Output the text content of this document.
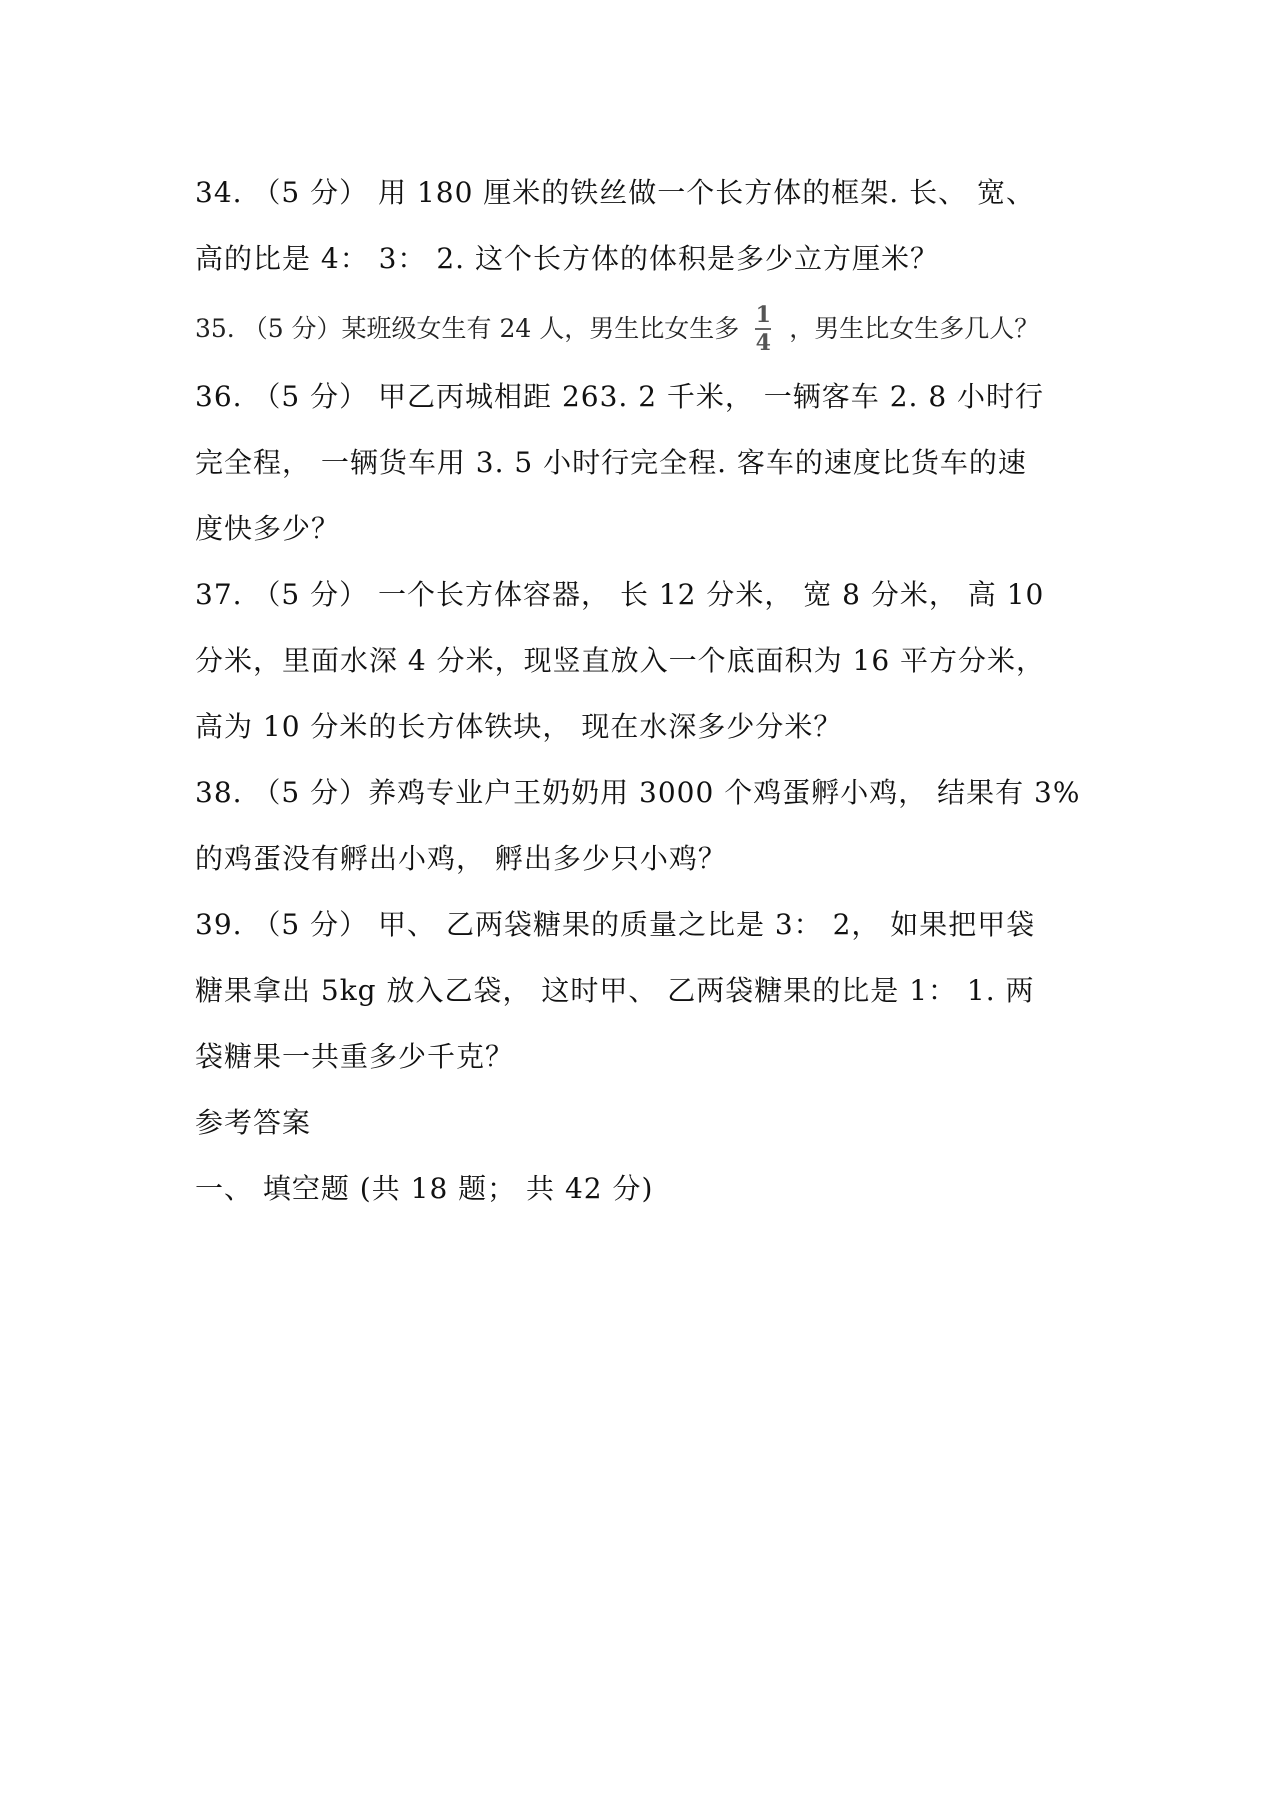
34. （5 分） 用 180 厘米的铁丝做一个长方体的框架. 长、 宽、
高的比是 4： 3： 2. 这个长方体的体积是多少立方厘米？
35. （5 分）某班级女生有 24 人，男生比女生多 $\frac{1}{4}$ ，男生比女生多几人？
36. （5 分） 甲乙丙城相距 263. 2 千米， 一辆客车 2. 8 小时行
完全程， 一辆货车用 3. 5 小时行完全程. 客车的速度比货车的速
度快多少？
37. （5 分） 一个长方体容器， 长 12 分米， 宽 8 分米， 高 10
分米，里面水深 4 分米，现竖直放入一个底面积为 16 平方分米，
高为 10 分米的长方体铁块， 现在水深多少分米？
38. （5 分）养鸡专业户王奶奶用 3000 个鸡蛋孵小鸡， 结果有 3%
的鸡蛋没有孵出小鸡， 孵出多少只小鸡？
39. （5 分） 甲、 乙两袋糖果的质量之比是 3： 2， 如果把甲袋
糖果拿出 5kg 放入乙袋， 这时甲、 乙两袋糖果的比是 1： 1. 两
袋糖果一共重多少千克？
参考答案
一、 填空题 (共 18 题； 共 42 分)
